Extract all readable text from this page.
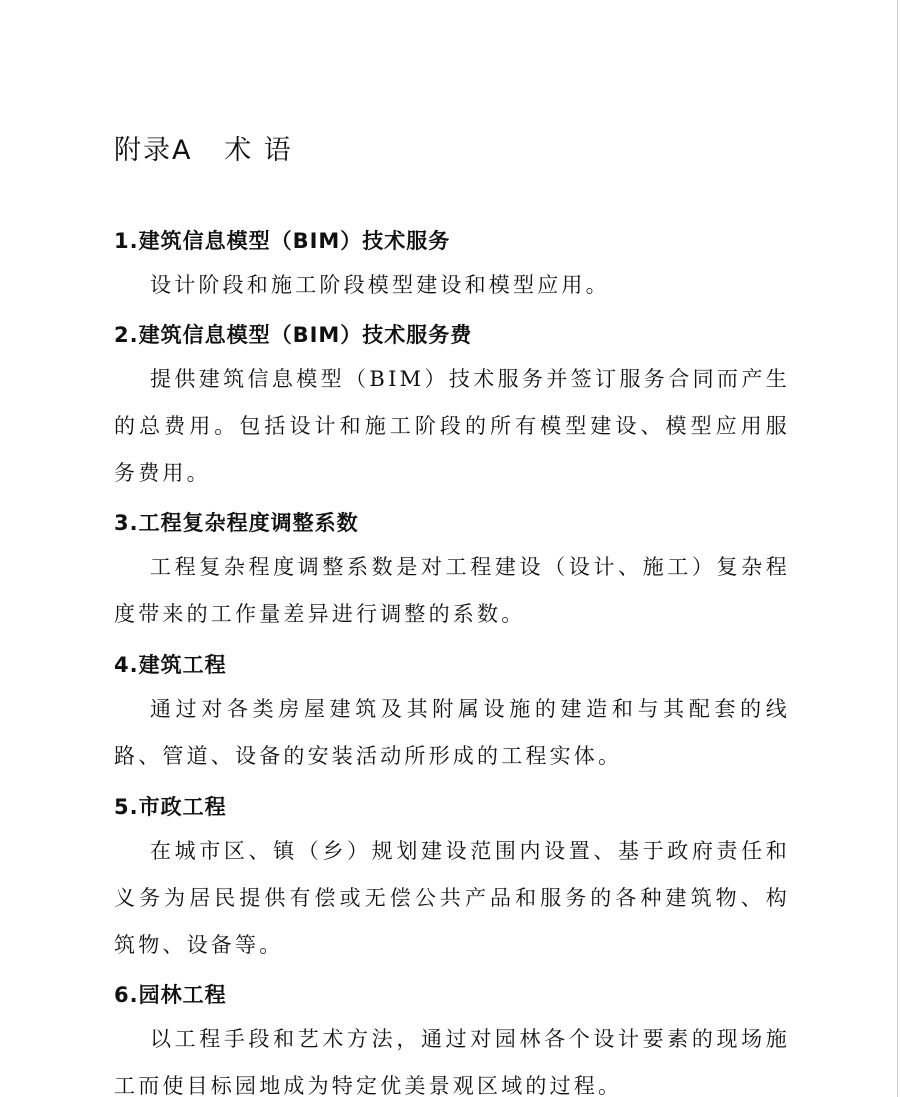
附录A   术 语
1.建筑信息模型（BIM）技术服务

设计阶段和施工阶段模型建设和模型应用。

2.建筑信息模型（BIM）技术服务费

提供建筑信息模型（BIM）技术服务并签订服务合同而产生的总费用。包括设计和施工阶段的所有模型建设、模型应用服务费用。

3.工程复杂程度调整系数

工程复杂程度调整系数是对工程建设（设计、施工）复杂程度带来的工作量差异进行调整的系数。

4.建筑工程

通过对各类房屋建筑及其附属设施的建造和与其配套的线路、管道、设备的安装活动所形成的工程实体。

5.市政工程

在城市区、镇（乡）规划建设范围内设置、基于政府责任和义务为居民提供有偿或无偿公共产品和服务的各种建筑物、构筑物、设备等。

6.园林工程

以工程手段和艺术方法，通过对园林各个设计要素的现场施工而使目标园地成为特定优美景观区域的过程。
